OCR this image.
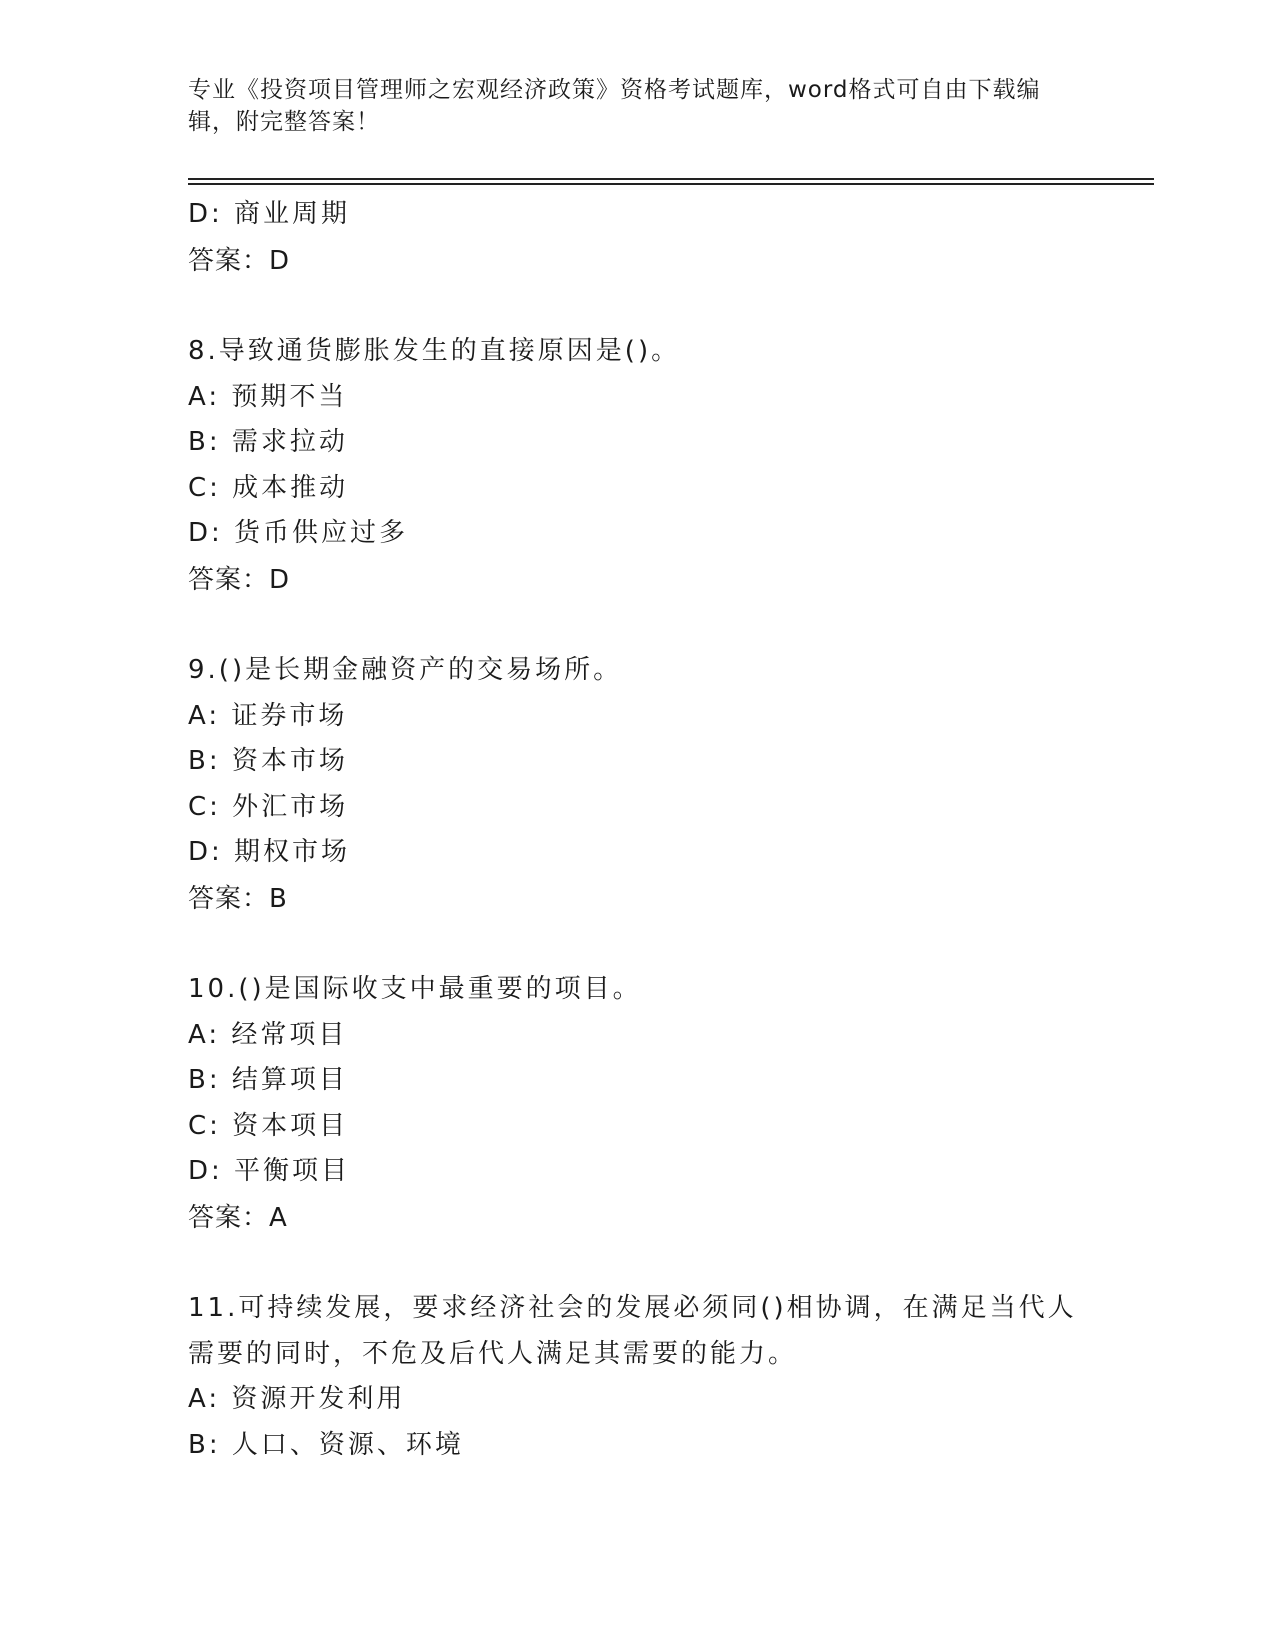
专业《投资项目管理师之宏观经济政策》资格考试题库，word格式可自由下载编辑，附完整答案！
D: 商业周期
答案：D
8.导致通货膨胀发生的直接原因是()。
A: 预期不当
B: 需求拉动
C: 成本推动
D: 货币供应过多
答案：D
9.()是长期金融资产的交易场所。
A: 证券市场
B: 资本市场
C: 外汇市场
D: 期权市场
答案：B
10.()是国际收支中最重要的项目。
A: 经常项目
B: 结算项目
C: 资本项目
D: 平衡项目
答案：A
11.可持续发展，要求经济社会的发展必须同()相协调，在满足当代人需要的同时，不危及后代人满足其需要的能力。
A: 资源开发利用
B: 人口、资源、环境
